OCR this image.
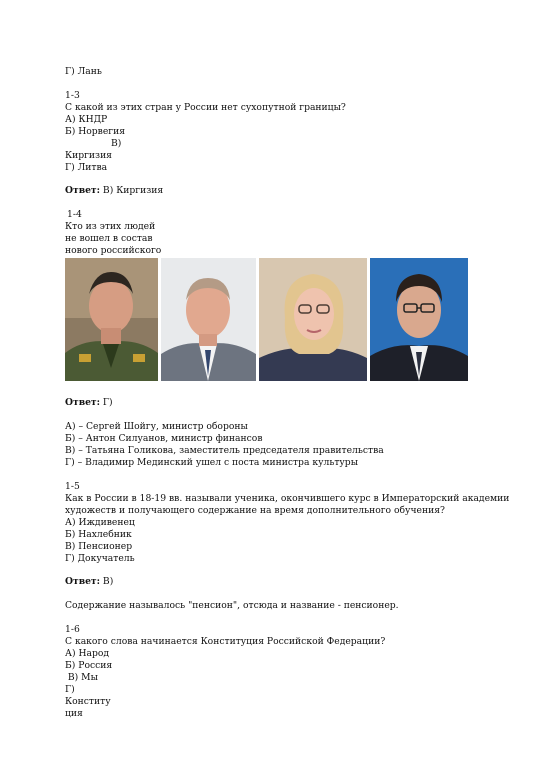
Г) Лань
1-3
С какой из этих стран у России нет сухопутной границы?
А) КНДР
Б) Норвегия
В)
Киргизия
Г) Литва
Ответ: В) Киргизия
1-4
Кто из этих людей
не вошел в состав
нового российского
Ответ: Г)
А) – Сергей Шойгу, министр обороны
Б) – Антон Силуанов, министр финансов
В) – Татьяна Голикова, заместитель председателя правительства
Г) – Владимир Мединский ушел с поста министра культуры
1-5
Как в России в 18-19 вв. называли ученика, окончившего курс в Императорский академии
художеств и получающего содержание на время дополнительного обучения?
А) Иждивенец
Б) Нахлебник
В) Пенсионер
Г) Докучатель
Ответ: В)
Содержание называлось "пенсион", отсюда и название - пенсионер.
1-6
С какого слова начинается Конституция Российской Федерации?
А) Народ
Б) Россия
В) Мы
Г)
Конститу
ция
